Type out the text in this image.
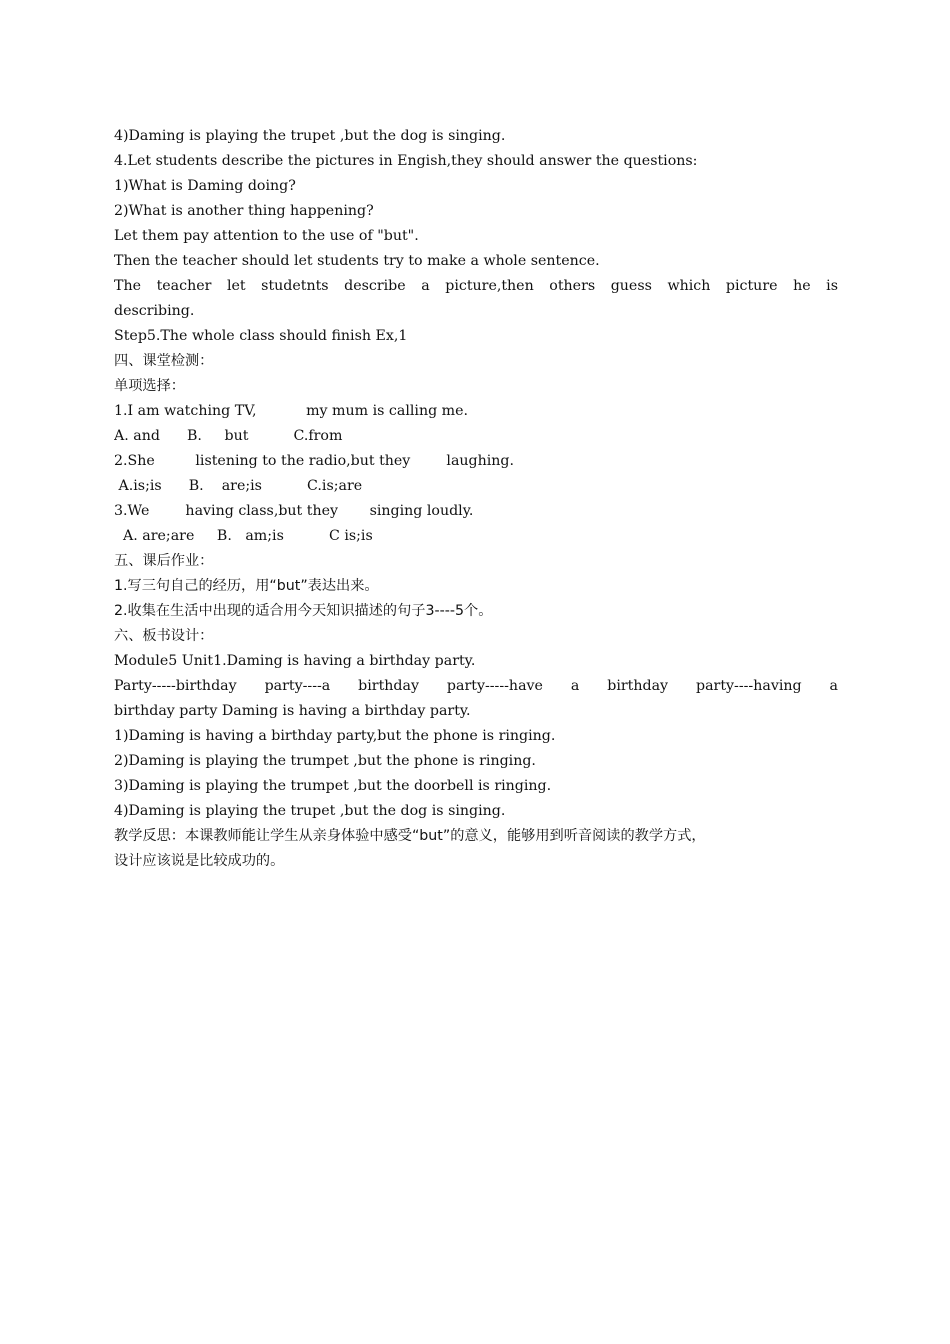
4)Daming is playing the trupet ,but the dog is singing.
4.Let students describe the pictures in Engish,they should answer the questions:
1)What is Daming doing?
2)What is another thing happening?
Let them pay attention to the use of "but".
Then the teacher should let students try to make a whole sentence.
The teacher let studetnts describe a picture,then others guess which picture he is
describing.
Step5.The whole class should finish Ex,1
四、课堂检测：
单项选择：
1.I am watching TV,           my mum is calling me.
A. and      B.     but          C.from
2.She         listening to the radio,but they        laughing.
A.is;is      B.    are;is          C.is;are
3.We        having class,but they       singing loudly.
A. are;are     B.   am;is          C is;is
五、课后作业：
1.写三句自己的经历，用“but”表达出来。
2.收集在生活中出现的适合用今天知识描述的句子3----5个。
六、板书设计：
Module5 Unit1.Daming is having a birthday party.
Party-----birthday party----a birthday party-----have a birthday party----having a
birthday party Daming is having a birthday party.
1)Daming is having a birthday party,but the phone is ringing.
2)Daming is playing the trumpet ,but the phone is ringing.
3)Daming is playing the trumpet ,but the doorbell is ringing.
4)Daming is playing the trupet ,but the dog is singing.
教学反思：本课教师能让学生从亲身体验中感受“but”的意义，能够用到听音阅读的教学方式，
设计应该说是比较成功的。
